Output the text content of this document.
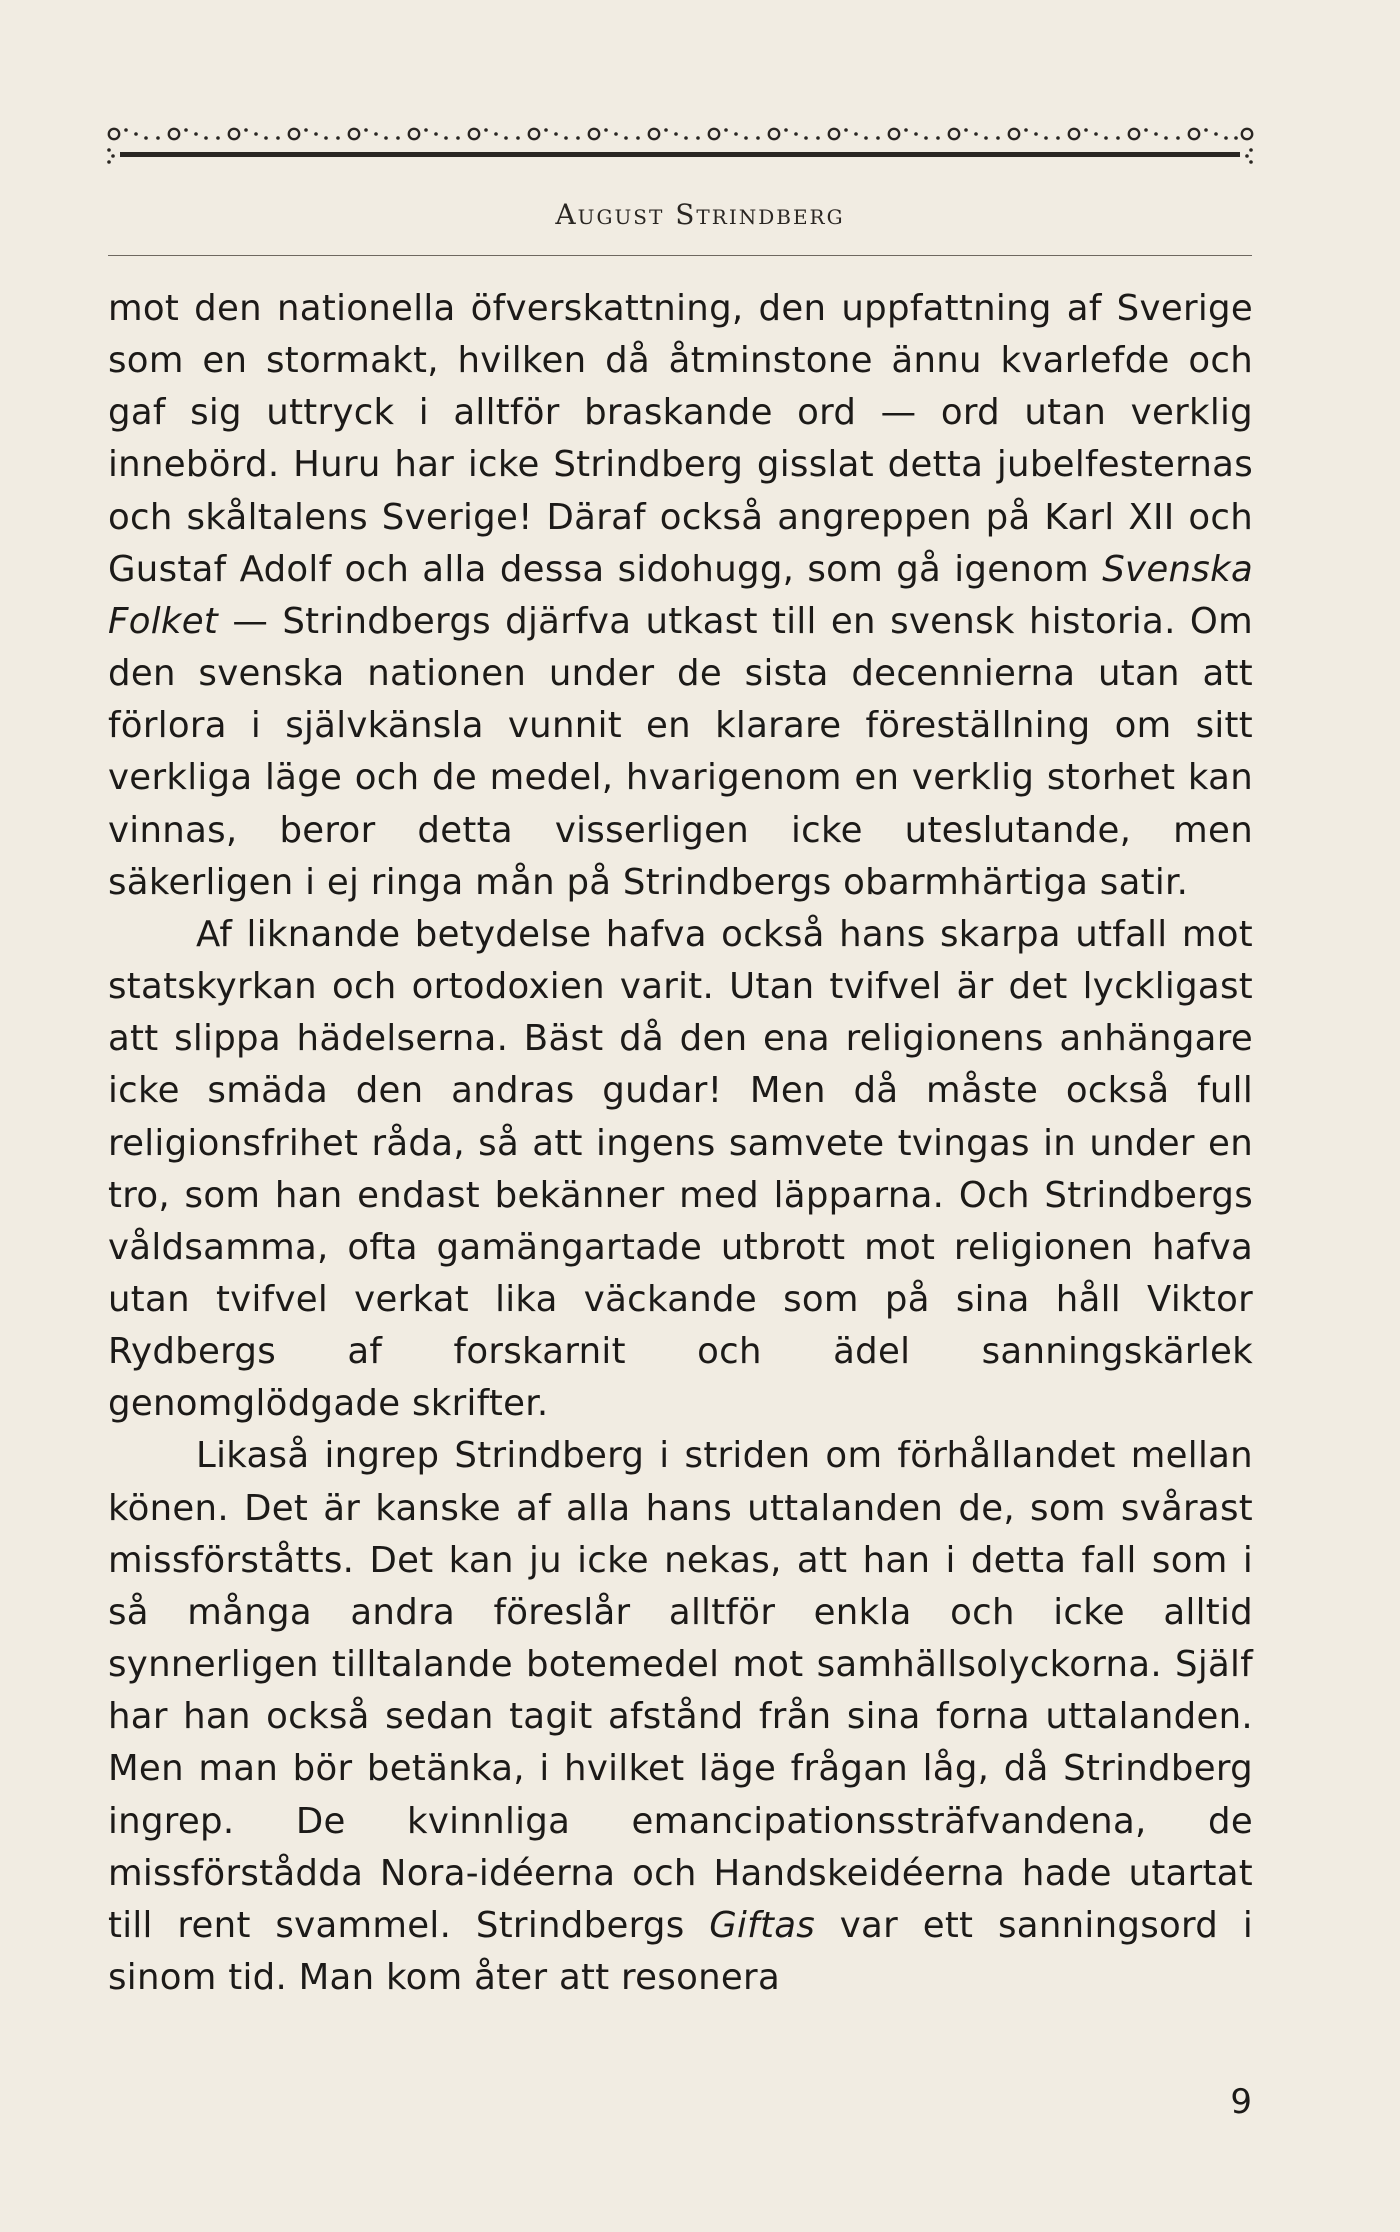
August Strindberg

mot den nationella öfverskattning, den uppfattning af Sverige som en stormakt, hvilken då åtminstone ännu kvarlefde och gaf sig uttryck i alltför braskande ord — ord utan verklig innebörd. Huru har icke Strindberg gisslat detta jubelfesternas och skåltalens Sverige! Däraf också angreppen på Karl XII och Gustaf Adolf och alla dessa sidohugg, som gå igenom Svenska Folket — Strindbergs djärfva utkast till en svensk historia. Om den svenska nationen under de sista decennierna utan att förlora i självkänsla vunnit en klarare föreställning om sitt verkliga läge och de medel, hvarigenom en verklig storhet kan vinnas, beror detta visserligen icke uteslutande, men säkerligen i ej ringa mån på Strindbergs obarmhärtiga satir.

Af liknande betydelse hafva också hans skarpa utfall mot statskyrkan och ortodoxien varit. Utan tvifvel är det lyckligast att slippa hädelserna. Bäst då den ena religionens anhängare icke smäda den andras gudar! Men då måste också full religionsfrihet råda, så att ingens samvete tvingas in under en tro, som han endast bekänner med läpparna. Och Strindbergs våldsamma, ofta gamängartade utbrott mot religionen hafva utan tvifvel verkat lika väckande som på sina håll Viktor Rydbergs af forskarnit och ädel sanningskärlek genomglödgade skrifter.

Likaså ingrep Strindberg i striden om förhållandet mellan könen. Det är kanske af alla hans uttalanden de, som svårast missförståtts. Det kan ju icke nekas, att han i detta fall som i så många andra föreslår alltför enkla och icke alltid synnerligen tilltalande botemedel mot samhällsolyckorna. Själf har han också sedan tagit afstånd från sina forna uttalanden. Men man bör betänka, i hvilket läge frågan låg, då Strindberg ingrep. De kvinnliga emancipationssträfvandena, de missförstådda Nora-idéerna och Handskeidéerna hade utartat till rent svammel. Strindbergs Giftas var ett sanningsord i sinom tid. Man kom åter att resonera

9
